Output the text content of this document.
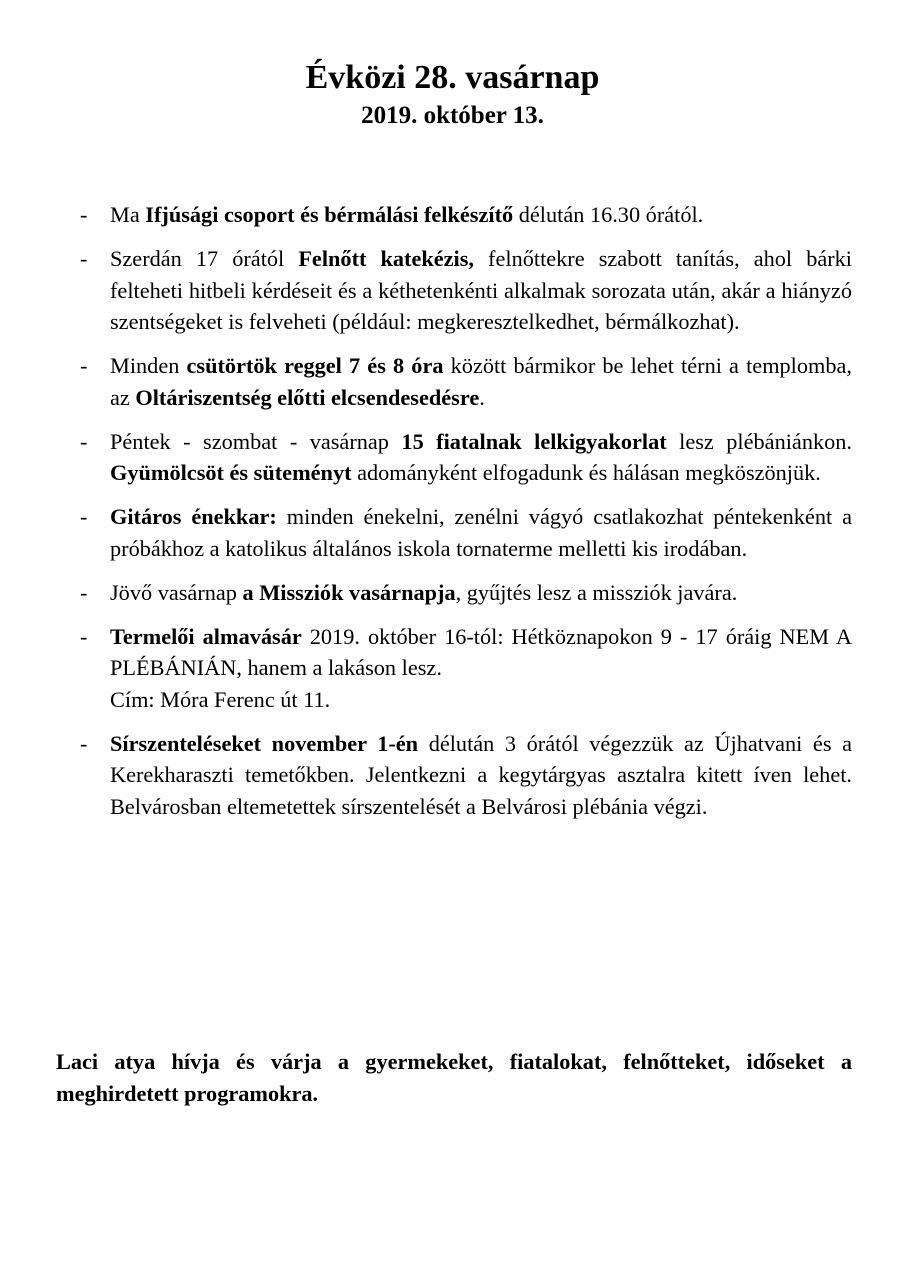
Évközi 28. vasárnap
2019. október 13.
- Ma Ifjúsági csoport és bérmálási felkészítő délután 16.30 órától.
- Szerdán 17 órától Felnőtt katekézis, felnőttekre szabott tanítás, ahol bárki felteheti hitbeli kérdéseit és a kéthetenkénti alkalmak sorozata után, akár a hiányzó szentségeket is felveheti (például: megkeresztelkedhet, bérmálkozhat).
- Minden csütörtök reggel 7 és 8 óra között bármikor be lehet térni a templomba, az Oltáriszentség előtti elcsendesedésre.
- Péntek - szombat - vasárnap 15 fiatalnak lelkigyakorlat lesz plébániánkon. Gyümölcsöt és süteményt adományként elfogadunk és hálásan megköszönjük.
- Gitáros énekkar: minden énekelni, zenélni vágyó csatlakozhat péntekenként a próbákhoz a katolikus általános iskola tornaterme melletti kis irodában.
- Jövő vasárnap a Missziók vasárnapja, gyűjtés lesz a missziók javára.
- Termelői almavásár 2019. október 16-tól: Hétköznapokon 9 - 17 óráig NEM A PLÉBÁNIÁN, hanem a lakáson lesz.
Cím: Móra Ferenc út 11.
- Sírszenteléseket november 1-én délután 3 órától végezzük az Újhatvani és a Kerekharaszti temetőkben. Jelentkezni a kegytárgyas asztalra kitett íven lehet. Belvárosban eltemetettek sírszentelését a Belvárosi plébánia végzi.
Laci atya hívja és várja a gyermekeket, fiatalokat, felnőtteket, időseket a meghirdetett programokra.
